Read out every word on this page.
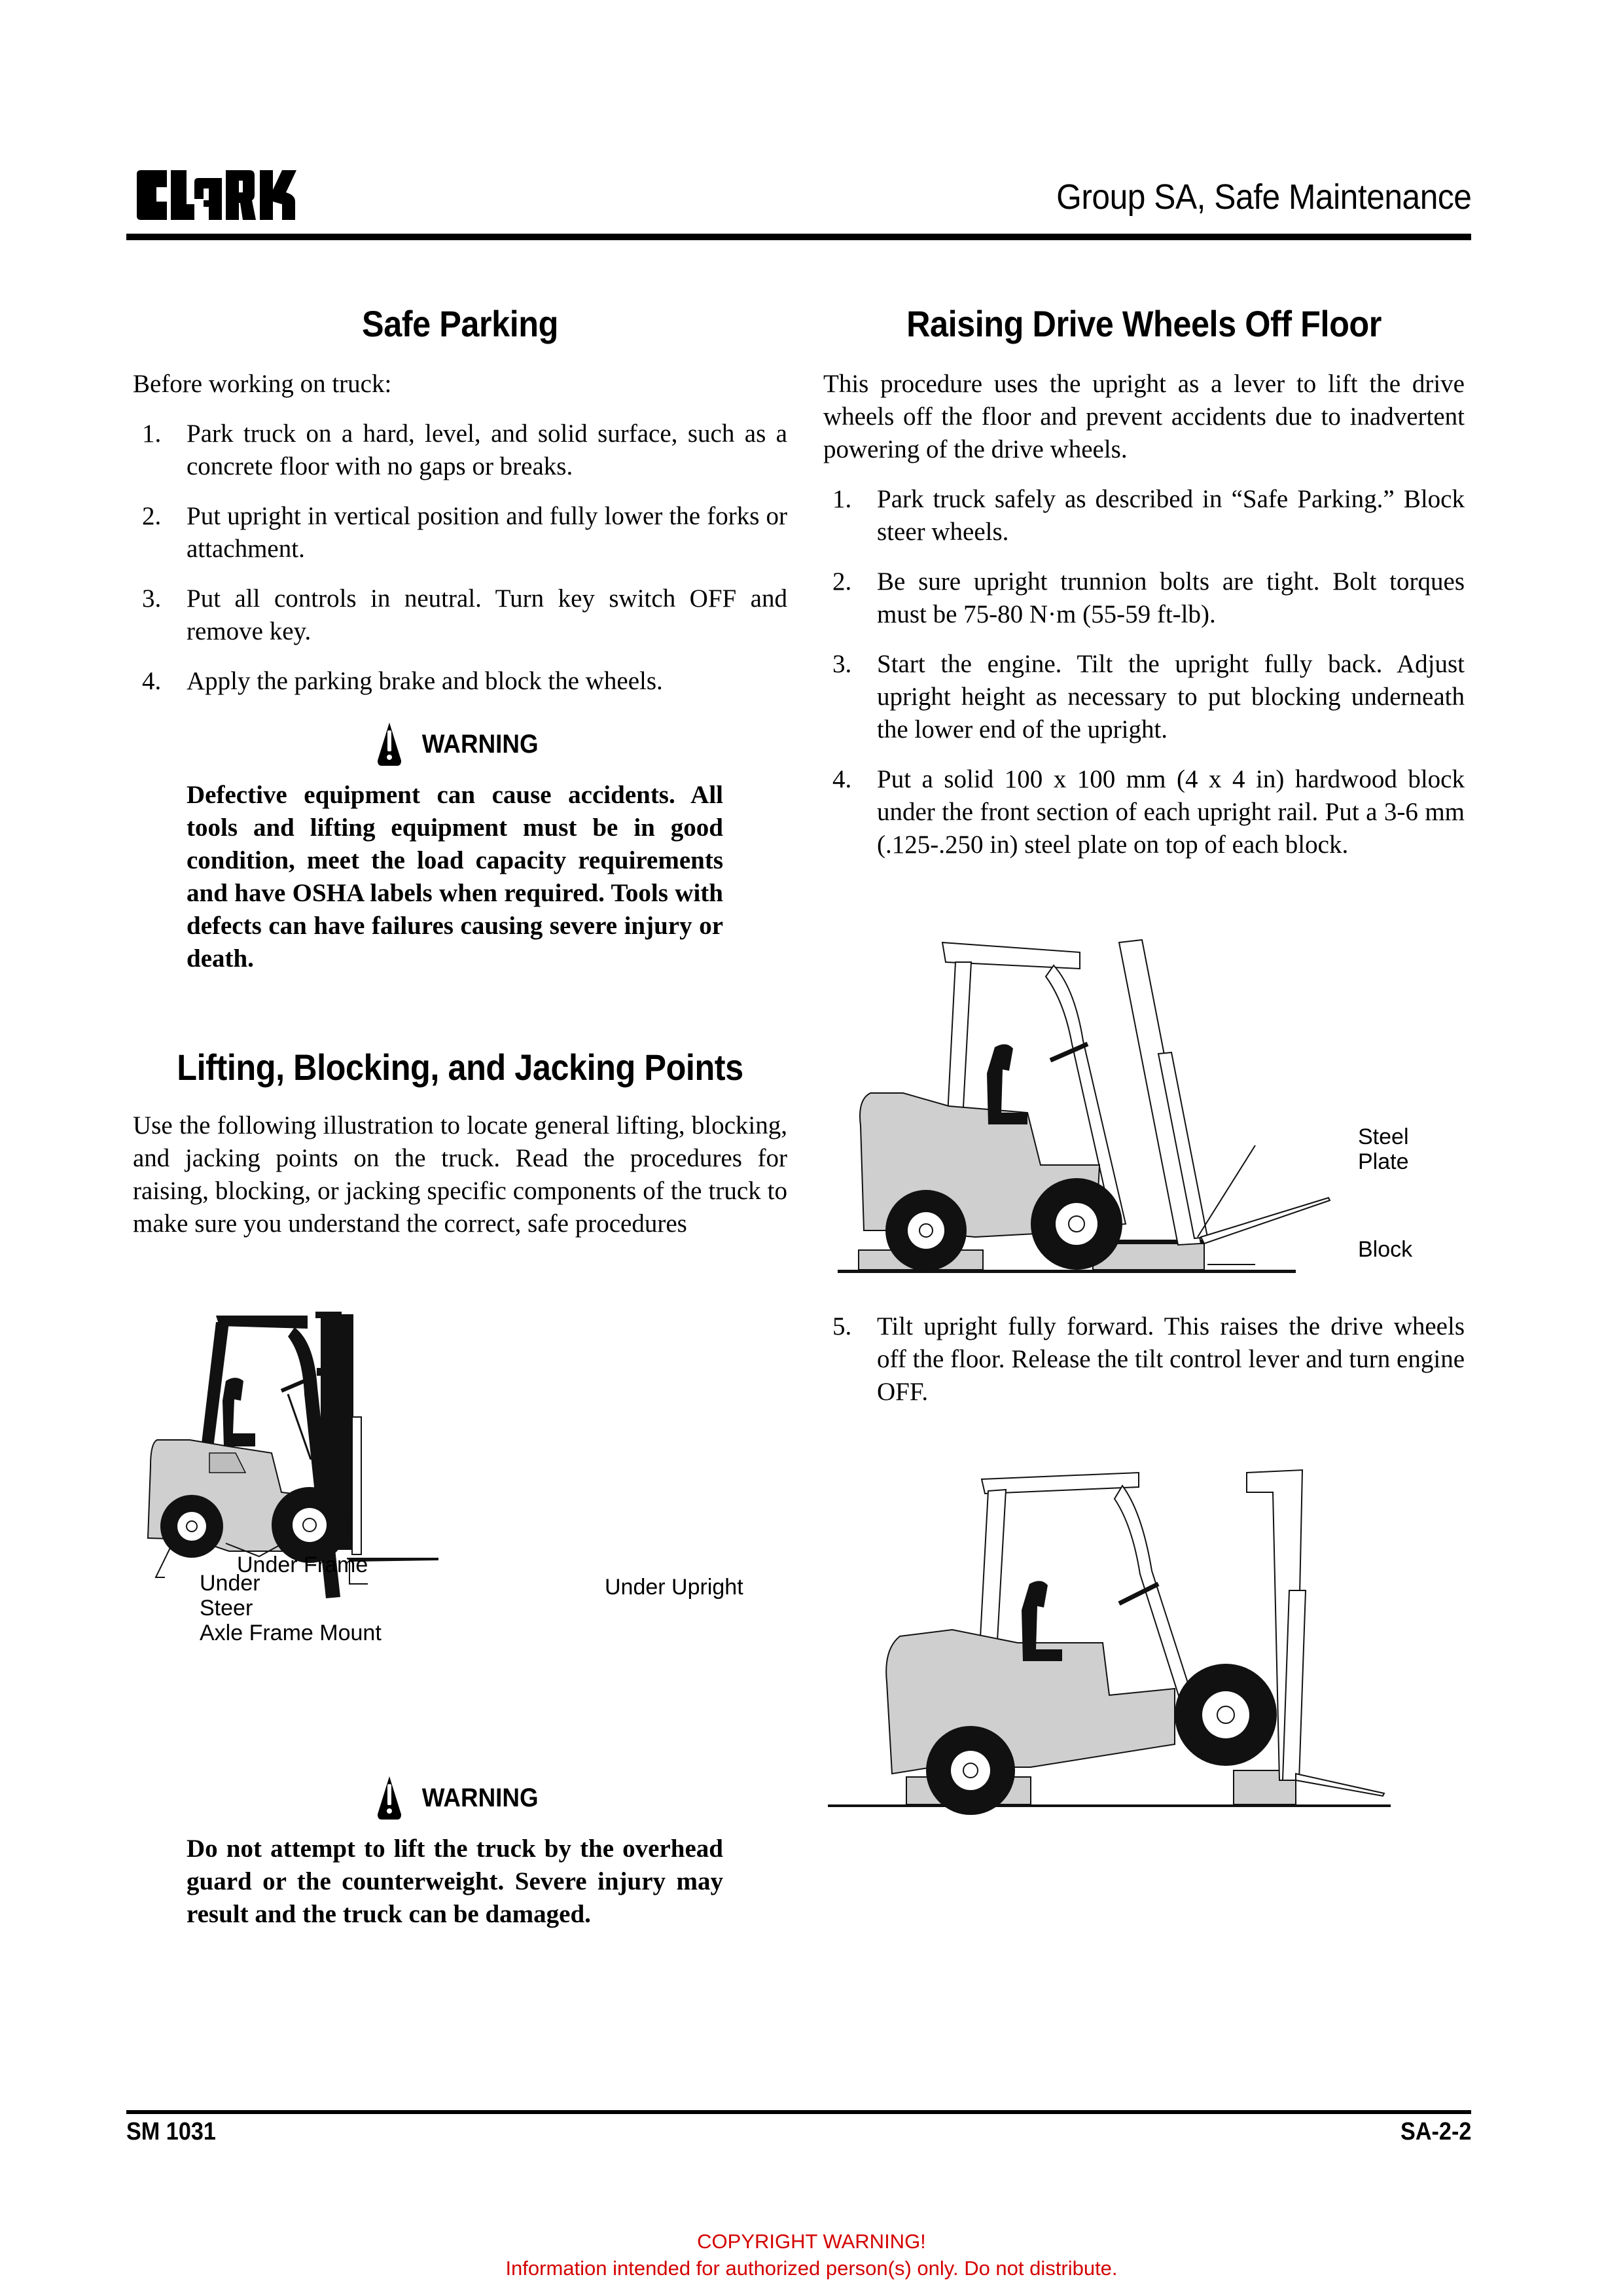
Group SA, Safe Maintenance
Safe Parking

Before working on truck:

1. Park truck on a hard, level, and solid surface, such as a concrete floor with no gaps or breaks.
2. Put upright in vertical position and fully lower the forks or attachment.
3. Put all controls in neutral. Turn key switch OFF and remove key.
4. Apply the parking brake and block the wheels.
WARNING
Defective equipment can cause accidents. All tools and lifting equipment must be in good condition, meet the load capacity requirements and have OSHA labels when required. Tools with defects can have failures causing severe injury or death.
Lifting, Blocking, and Jacking Points

Use the following illustration to locate general lifting, blocking, and jacking points on the truck. Read the procedures for raising, blocking, or jacking specific components of the truck to make sure you understand the correct, safe procedures

Under Frame
Under Upright
Under
Steer
Axle Frame Mount
WARNING
Do not attempt to lift the truck by the overhead guard or the counterweight. Severe injury may result and the truck can be damaged.
Raising Drive Wheels Off Floor

This procedure uses the upright as a lever to lift the drive wheels off the floor and prevent accidents due to inadvertent powering of the drive wheels.

1. Park truck safely as described in “Safe Parking.” Block steer wheels.
2. Be sure upright trunnion bolts are tight. Bolt torques must be 75-80 N·m (55-59 ft-lb).
3. Start the engine. Tilt the upright fully back. Adjust upright height as necessary to put blocking underneath the lower end of the upright.
4. Put a solid 100 x 100 mm (4 x 4 in) hardwood block under the front section of each upright rail. Put a 3-6 mm (.125-.250 in) steel plate on top of each block.
Steel
Plate
Block
5. Tilt upright fully forward. This raises the drive wheels off the floor. Release the tilt control lever and turn engine OFF.
SM 1031	SA-2-2
COPYRIGHT WARNING!
Information intended for authorized person(s) only. Do not distribute.
